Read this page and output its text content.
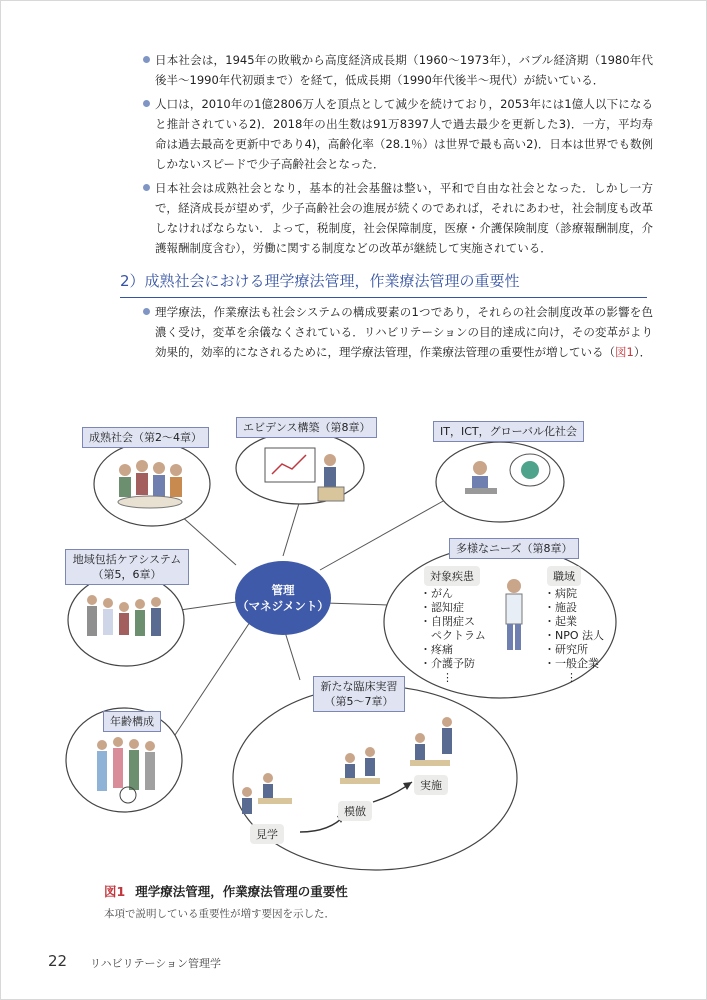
日本社会は，1945年の敗戦から高度経済成長期（1960～1973年），バブル経済期（1980年代後半～1990年代初頭まで）を経て，低成長期（1990年代後半～現代）が続いている．

人口は，2010年の1億2806万人を頂点として減少を続けており，2053年には1億人以下になると推計されている2)．2018年の出生数は91万8397人で過去最少を更新した3)．一方，平均寿命は過去最高を更新中であり4)，高齢化率（28.1％）は世界で最も高い2)．日本は世界でも数例しかないスピードで少子高齢社会となった．

日本社会は成熟社会となり，基本的社会基盤は整い，平和で自由な社会となった．しかし一方で，経済成長が望めず，少子高齢社会の進展が続くのであれば，それにあわせ，社会制度も改革しなければならない．よって，税制度，社会保障制度，医療・介護保険制度（診療報酬制度，介護報酬制度含む），労働に関する制度などの改革が継続して実施されている．

2）成熟社会における理学療法管理，作業療法管理の重要性

理学療法，作業療法も社会システムの構成要素の1つであり，それらの社会制度改革の影響を色濃く受け，変革を余儀なくされている．リハビリテーションの目的達成に向け，その変革がより効果的，効率的になされるために，理学療法管理，作業療法管理の重要性が増している（図1）．

成熟社会（第2～4章）
エビデンス構築（第8章）	IT，ICT，グローバル化社会
地域包括ケアシステム
（第5，6章）
多様なニーズ（第8章）
年齢構成
新たな臨床実習
（第5～7章）
管理
（マネジメント）
対象疾患
・がん
・認知症
・自閉症ス
　ペクトラム
・疼痛
・介護予防
　　⋮
職域
・病院
・施設
・起業
・NPO 法人
・研究所
・一般企業
　　⋮
見学
模倣
実施
図1 理学療法管理，作業療法管理の重要性
本項で説明している重要性が増す要因を示した．
22 リハビリテーション管理学
